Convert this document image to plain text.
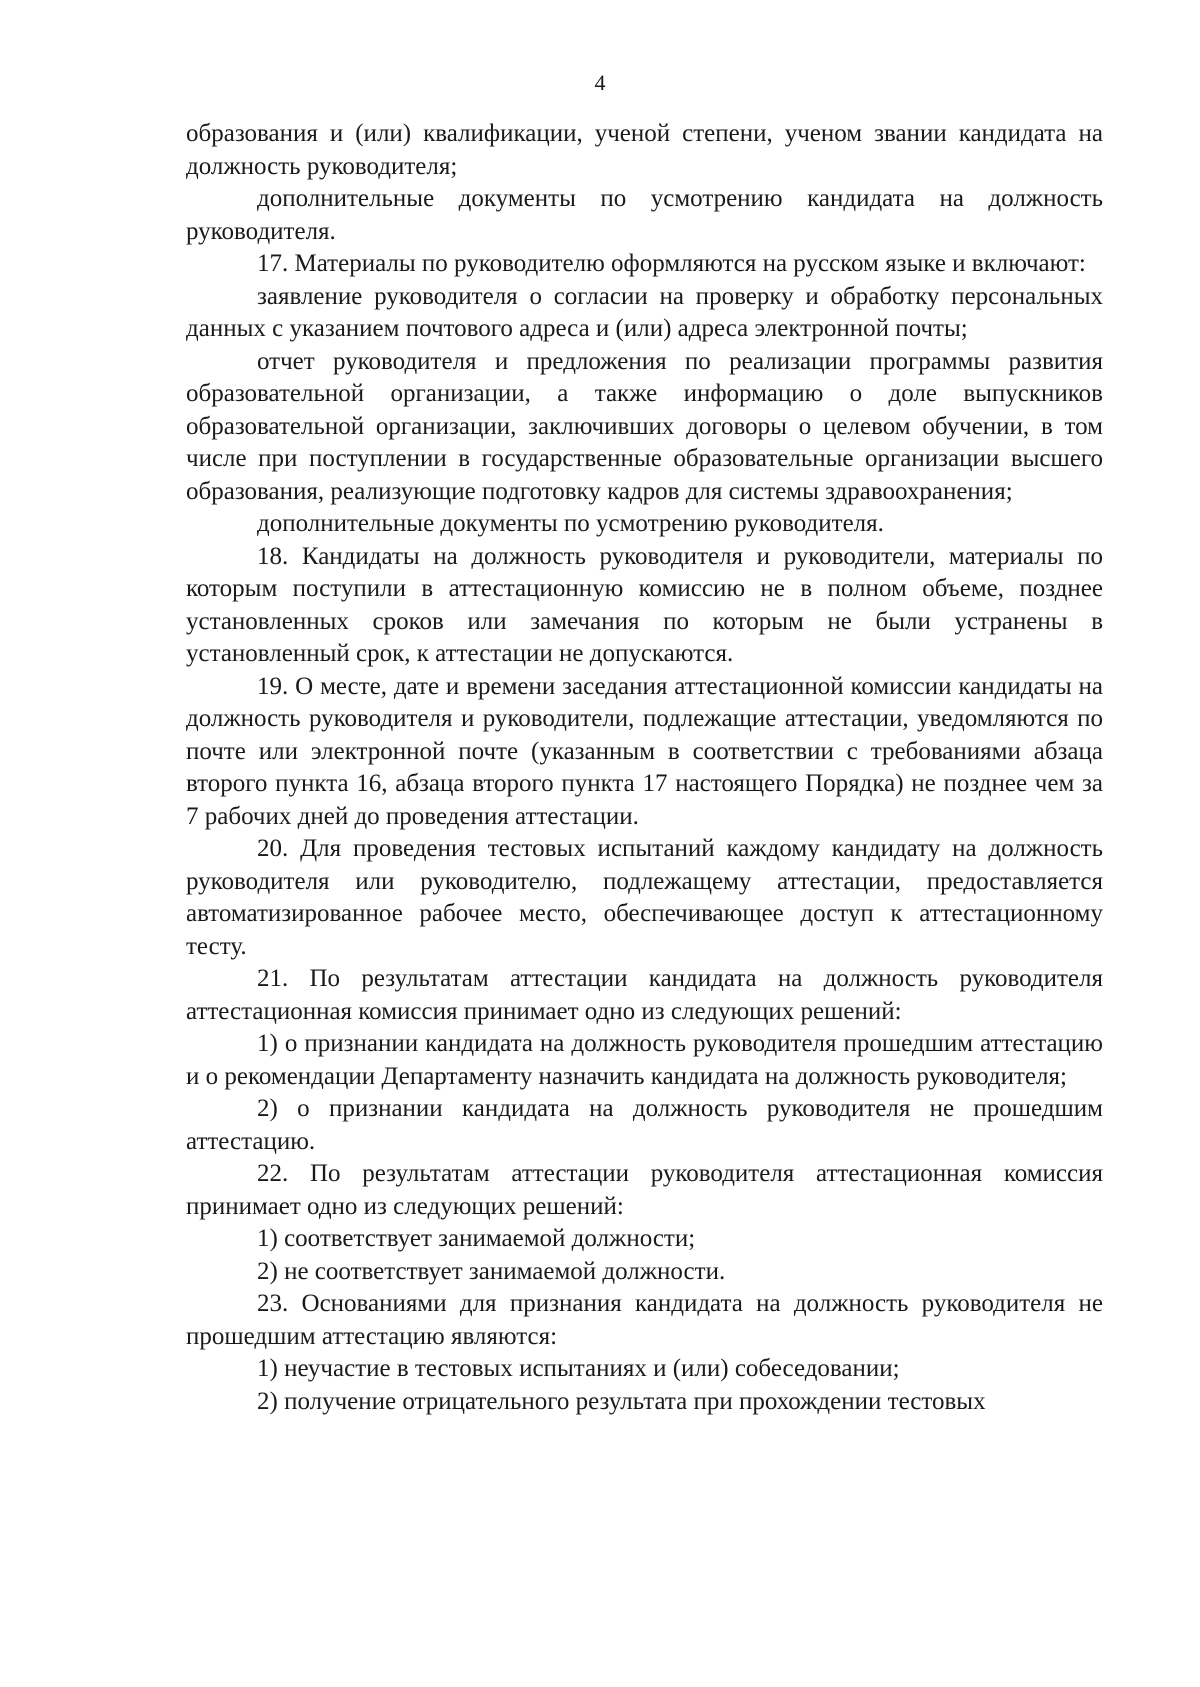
4

образования и (или) квалификации, ученой степени, ученом звании кандидата на должность руководителя;

дополнительные документы по усмотрению кандидата на должность руководителя.

17. Материалы по руководителю оформляются на русском языке и включают:

заявление руководителя о согласии на проверку и обработку персональных данных с указанием почтового адреса и (или) адреса электронной почты;

отчет руководителя и предложения по реализации программы развития образовательной организации, а также информацию о доле выпускников образовательной организации, заключивших договоры о целевом обучении, в том числе при поступлении в государственные образовательные организации высшего образования, реализующие подготовку кадров для системы здравоохранения;

дополнительные документы по усмотрению руководителя.

18. Кандидаты на должность руководителя и руководители, материалы по которым поступили в аттестационную комиссию не в полном объеме, позднее установленных сроков или замечания по которым не были устранены в установленный срок, к аттестации не допускаются.

19. О месте, дате и времени заседания аттестационной комиссии кандидаты на должность руководителя и руководители, подлежащие аттестации, уведомляются по почте или электронной почте (указанным в соответствии с требованиями абзаца второго пункта 16, абзаца второго пункта 17 настоящего Порядка) не позднее чем за 7 рабочих дней до проведения аттестации.

20. Для проведения тестовых испытаний каждому кандидату на должность руководителя или руководителю, подлежащему аттестации, предоставляется автоматизированное рабочее место, обеспечивающее доступ к аттестационному тесту.

21. По результатам аттестации кандидата на должность руководителя аттестационная комиссия принимает одно из следующих решений:

1) о признании кандидата на должность руководителя прошедшим аттестацию и о рекомендации Департаменту назначить кандидата на должность руководителя;

2) о признании кандидата на должность руководителя не прошедшим аттестацию.

22. По результатам аттестации руководителя аттестационная комиссия принимает одно из следующих решений:

1) соответствует занимаемой должности;

2) не соответствует занимаемой должности.

23. Основаниями для признания кандидата на должность руководителя не прошедшим аттестацию являются:

1) неучастие в тестовых испытаниях и (или) собеседовании;

2) получение отрицательного результата при прохождении тестовых
